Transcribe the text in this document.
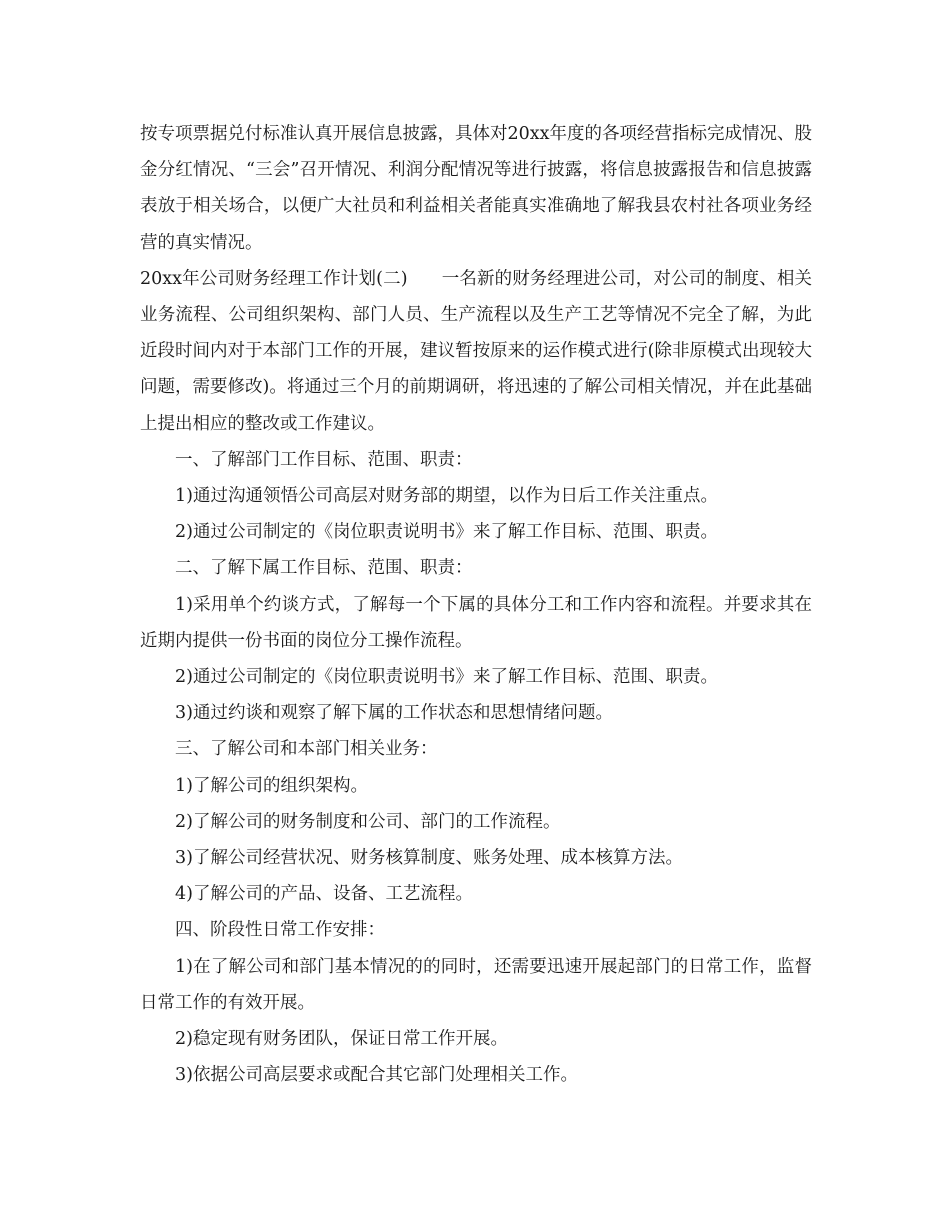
按专项票据兑付标准认真开展信息披露，具体对20xx年度的各项经营指标完成情况、股金分红情况、“三会”召开情况、利润分配情况等进行披露，将信息披露报告和信息披露表放于相关场合，以便广大社员和利益相关者能真实准确地了解我县农村社各项业务经营的真实情况。

20xx年公司财务经理工作计划(二) 一名新的财务经理进公司，对公司的制度、相关业务流程、公司组织架构、部门人员、生产流程以及生产工艺等情况不完全了解，为此近段时间内对于本部门工作的开展，建议暂按原来的运作模式进行(除非原模式出现较大问题，需要修改)。将通过三个月的前期调研，将迅速的了解公司相关情况，并在此基础上提出相应的整改或工作建议。

一、了解部门工作目标、范围、职责：

1)通过沟通领悟公司高层对财务部的期望，以作为日后工作关注重点。

2)通过公司制定的《岗位职责说明书》来了解工作目标、范围、职责。

二、了解下属工作目标、范围、职责：

1)采用单个约谈方式，了解每一个下属的具体分工和工作内容和流程。并要求其在近期内提供一份书面的岗位分工操作流程。

2)通过公司制定的《岗位职责说明书》来了解工作目标、范围、职责。

3)通过约谈和观察了解下属的工作状态和思想情绪问题。

三、了解公司和本部门相关业务：

1)了解公司的组织架构。

2)了解公司的财务制度和公司、部门的工作流程。

3)了解公司经营状况、财务核算制度、账务处理、成本核算方法。

4)了解公司的产品、设备、工艺流程。

四、阶段性日常工作安排：

1)在了解公司和部门基本情况的的同时，还需要迅速开展起部门的日常工作，监督日常工作的有效开展。

2)稳定现有财务团队，保证日常工作开展。

3)依据公司高层要求或配合其它部门处理相关工作。
